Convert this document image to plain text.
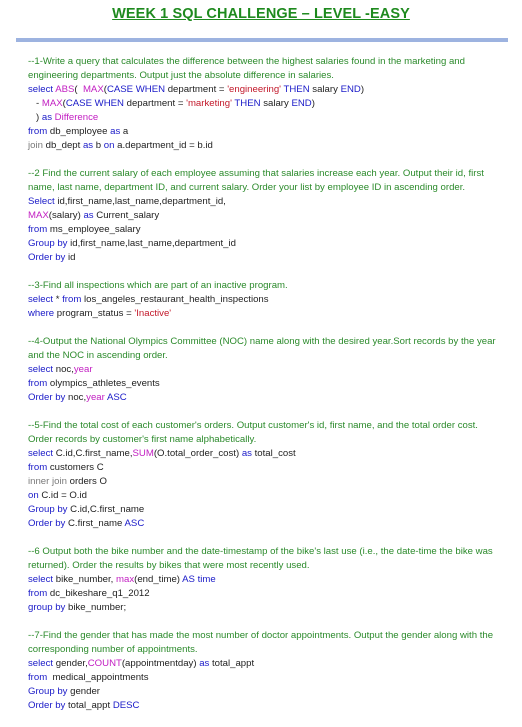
WEEK 1 SQL CHALLENGE – LEVEL -EASY
--1-Write a query that calculates the difference between the highest salaries found in the marketing and engineering departments. Output just the absolute difference in salaries.
select ABS(  MAX(CASE WHEN department = 'engineering' THEN salary END)
- MAX(CASE WHEN department = 'marketing' THEN salary END)
) as Difference
from db_employee as a
join db_dept as b on a.department_id = b.id
--2 Find the current salary of each employee assuming that salaries increase each year. Output their id, first name, last name, department ID, and current salary. Order your list by employee ID in ascending order.
Select id,first_name,last_name,department_id,
MAX(salary) as Current_salary
from ms_employee_salary
Group by id,first_name,last_name,department_id
Order by id
--3-Find all inspections which are part of an inactive program.
select * from los_angeles_restaurant_health_inspections
where program_status = 'Inactive'
--4-Output the National Olympics Committee (NOC) name along with the desired year.Sort records by the year and the NOC in ascending order.
select noc,year
from olympics_athletes_events
Order by noc,year ASC
--5-Find the total cost of each customer's orders. Output customer's id, first name, and the total order cost. Order records by customer's first name alphabetically.
select C.id,C.first_name,SUM(O.total_order_cost) as total_cost
from customers C
inner join orders O
on C.id = O.id
Group by C.id,C.first_name
Order by C.first_name ASC
--6 Output both the bike number and the date-timestamp of the bike's last use (i.e., the date-time the bike was returned). Order the results by bikes that were most recently used.
select bike_number, max(end_time) AS time
from dc_bikeshare_q1_2012
group by bike_number;
--7-Find the gender that has made the most number of doctor appointments. Output the gender along with the corresponding number of appointments.
select gender,COUNT(appointmentday) as total_appt
from  medical_appointments
Group by gender
Order by total_appt DESC
